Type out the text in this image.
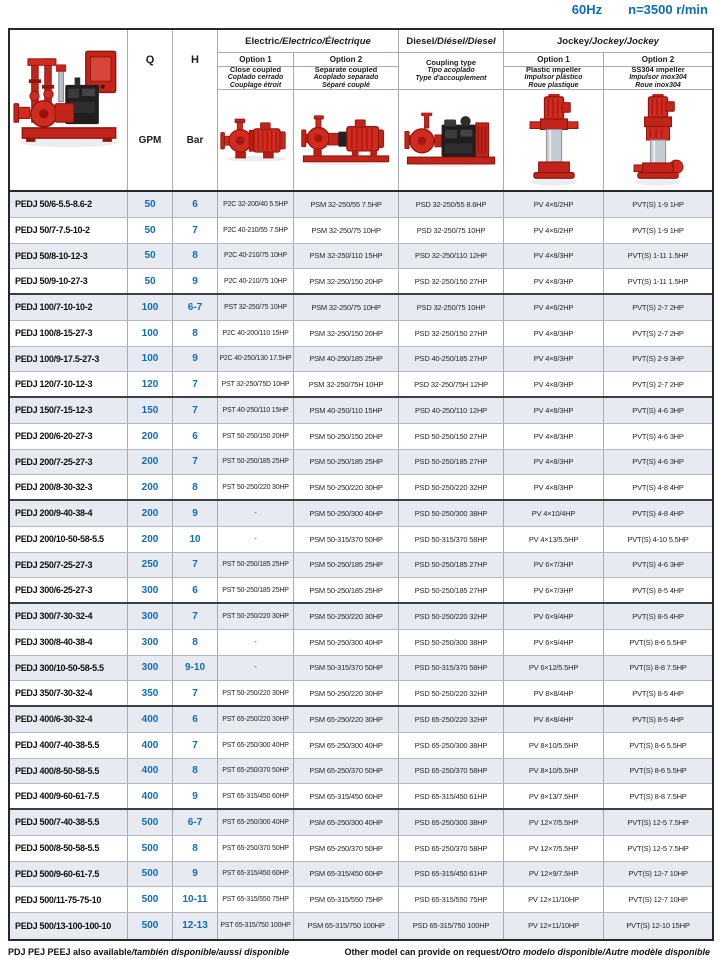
60Hz n=3500 r/min
Q	H
GPM	Bar
Electric /Electrico/Électrique
Option 1	Option 2
Close coupled
Coplado cerrado
Couplage étroit
Separate coupled
Acoplado separado
Séparé couplé
Diesel /Diésel/Diesel
Coupling type
Tipo acoplado
Type d'accouplement
Jockey /Jockey/Jockey
Option 1	Option 2
Plastic impeller
Impulsor plástico
Roue plastique
SS304 impeller
Impulsor inox304
Roue inox304
PEDJ 50/6-5.5-8.6-2	50	6	P2C 32-200/40 5.5HP	PSM 32-250/55 7.5HP	PSD 32-250/55 8.6HP	PV 4×6/2HP	PVT(S) 1-9 1HP
PEDJ 50/7-7.5-10-2	50	7	P2C 40-210/55 7.5HP	PSM 32-250/75 10HP	PSD 32-250/75 10HP	PV 4×6/2HP	PVT(S) 1-9 1HP
PEDJ 50/8-10-12-3	50	8	P2C 40-210/75 10HP	PSM 32-250/110 15HP	PSD 32-250/110 12HP	PV 4×8/3HP	PVT(S) 1-11 1.5HP
PEDJ 50/9-10-27-3	50	9	P2C 40-210/75 10HP	PSM 32-250/150 20HP	PSD 32-250/150 27HP	PV 4×8/3HP	PVT(S) 1-11 1.5HP
PEDJ 100/7-10-10-2	100	6-7	PST 32-250/75 10HP	PSM 32-250/75 10HP	PSD 32-250/75 10HP	PV 4×6/2HP	PVT(S) 2-7 2HP
PEDJ 100/8-15-27-3	100	8	P2C 40-200/110 15HP	PSM 32-250/150 20HP	PSD 32-250/150 27HP	PV 4×8/3HP	PVT(S) 2-7 2HP
PEDJ 100/9-17.5-27-3	100	9	P2C 40-250/130 17.5HP	PSM 40-250/185 25HP	PSD 40-250/185 27HP	PV 4×8/3HP	PVT(S) 2-9 3HP
PEDJ 120/7-10-12-3	120	7	PST 32-250/75D 10HP	PSM 32-250/75H 10HP	PSD 32-250/75H 12HP	PV 4×8/3HP	PVT(S) 2-7 2HP
PEDJ 150/7-15-12-3	150	7	PST 40-250/110 15HP	PSM 40-250/110 15HP	PSD 40-250/110 12HP	PV 4×8/3HP	PVT(S) 4-6 3HP
PEDJ 200/6-20-27-3	200	6	PST 50-250/150 20HP	PSM 50-250/150 20HP	PSD 50-250/150 27HP	PV 4×8/3HP	PVT(S) 4-6 3HP
PEDJ 200/7-25-27-3	200	7	PST 50-250/185 25HP	PSM 50-250/185 25HP	PSD 50-250/185 27HP	PV 4×8/3HP	PVT(S) 4-6 3HP
PEDJ 200/8-30-32-3	200	8	PST 50-250/220 30HP	PSM 50-250/220 30HP	PSD 50-250/220 32HP	PV 4×8/3HP	PVT(S) 4-8 4HP
PEDJ 200/9-40-38-4	200	9	-	PSM 50-250/300 40HP	PSD 50-250/300 38HP	PV 4×10/4HP	PVT(S) 4-8 4HP
PEDJ 200/10-50-58-5.5	200	10	-	PSM 50-315/370 50HP	PSD 50-315/370 58HP	PV 4×13/5.5HP	PVT(S) 4-10 5.5HP
PEDJ 250/7-25-27-3	250	7	PST 50-250/185 25HP	PSM 50-250/185 25HP	PSD 50-250/185 27HP	PV 6×7/3HP	PVT(S) 4-6 3HP
PEDJ 300/6-25-27-3	300	6	PST 50-250/185 25HP	PSM 50-250/185 25HP	PSD 50-250/185 27HP	PV 6×7/3HP	PVT(S) 8-5 4HP
PEDJ 300/7-30-32-4	300	7	PST 50-250/220 30HP	PSM 50-250/220 30HP	PSD 50-250/220 32HP	PV 6×9/4HP	PVT(S) 8-5 4HP
PEDJ 300/8-40-38-4	300	8	-	PSM 50-250/300 40HP	PSD 50-250/300 38HP	PV 6×9/4HP	PVT(S) 8-6 5.5HP
PEDJ 300/10-50-58-5.5	300	9-10	-	PSM 50-315/370 50HP	PSD 50-315/370 58HP	PV 6×12/5.5HP	PVT(S) 8-8 7.5HP
PEDJ 350/7-30-32-4	350	7	PST 50-250/220 30HP	PSM 50-250/220 30HP	PSD 50-250/220 32HP	PV 8×8/4HP	PVT(S) 8-5 4HP
PEDJ 400/6-30-32-4	400	6	PST 65-250/220 30HP	PSM 65-250/220 30HP	PSD 65-250/220 32HP	PV 8×8/4HP	PVT(S) 8-5 4HP
PEDJ 400/7-40-38-5.5	400	7	PST 65-250/300 40HP	PSM 65-250/300 40HP	PSD 65-250/300 38HP	PV 8×10/5.5HP	PVT(S) 8-6 5.5HP
PEDJ 400/8-50-58-5.5	400	8	PST 65-250/370 50HP	PSM 65-250/370 50HP	PSD 65-250/370 58HP	PV 8×10/5.5HP	PVT(S) 8-6 5.5HP
PEDJ 400/9-60-61-7.5	400	9	PST 65-315/450 60HP	PSM 65-315/450 60HP	PSD 65-315/450 61HP	PV 8×13/7.5HP	PVT(S) 8-8 7.5HP
PEDJ 500/7-40-38-5.5	500	6-7	PST 65-250/300 40HP	PSM 65-250/300 40HP	PSD 65-250/300 38HP	PV 12×7/5.5HP	PVT(S) 12-5 7.5HP
PEDJ 500/8-50-58-5.5	500	8	PST 65-250/370 50HP	PSM 65-250/370 50HP	PSD 65-250/370 58HP	PV 12×7/5.5HP	PVT(S) 12-5 7.5HP
PEDJ 500/9-60-61-7.5	500	9	PST 65-315/450 60HP	PSM 65-315/450 60HP	PSD 65-315/450 61HP	PV 12×9/7.5HP	PVT(S) 12-7 10HP
PEDJ 500/11-75-75-10	500	10-11	PST 65-315/550 75HP	PSM 65-315/550 75HP	PSD 65-315/550 75HP	PV 12×11/10HP	PVT(S) 12-7 10HP
PEDJ 500/13-100-100-10	500	12-13	PST 65-315/750 100HP	PSM 65-315/750 100HP	PSD 65-315/750 100HP	PV 12×11/10HP	PVT(S) 12-10 15HP
PDJ PEJ PEEJ also available/también disponible/aussi disponible	Other model can provide on request/Otro modelo disponible/Autre modèle disponible
